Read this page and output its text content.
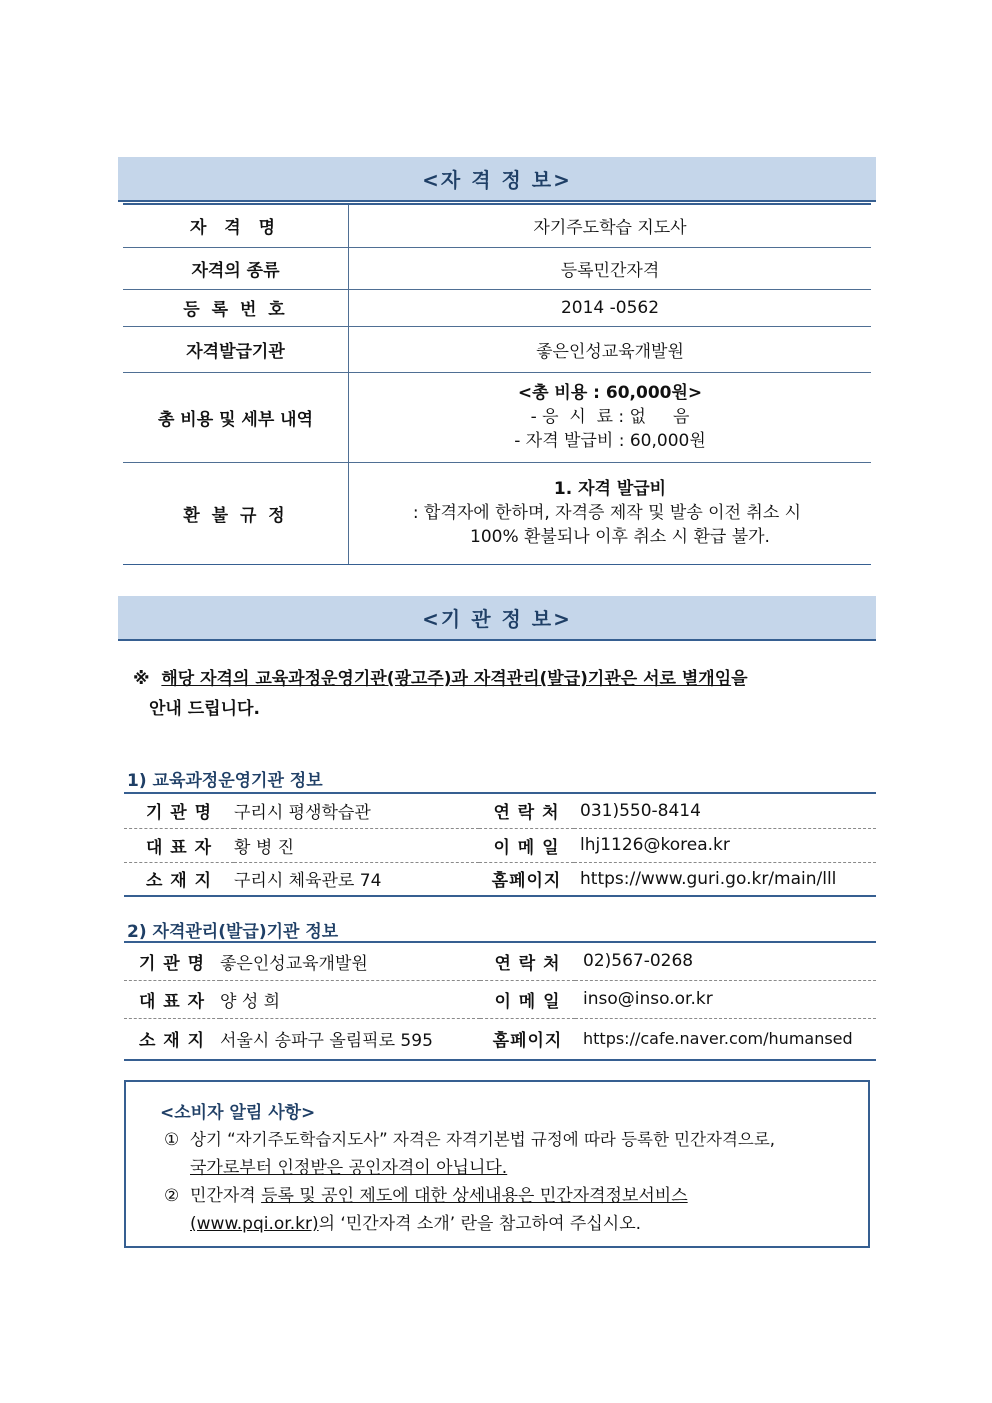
<자 격 정 보>
자 격 명	자기주도학습 지도사
자격의 종류	등록민간자격
등 록 번 호	2014 -0562
자격발급기관	좋은인성교육개발원
총 비용 및 세부 내역	<총 비용 : 60,000원>
- 응  시  료 : 없     음
- 자격 발급비 : 60,000원

환 불 규 정	1. 자격 발급비
: 합격자에 한하며, 자격증 제작 및 발송 이전 취소 시
100% 환불되나 이후 취소 시 환급 불가.
<기 관 정 보>
※ 해당 자격의 교육과정운영기관(광고주)과 자격관리(발급)기관은 서로 별개임을
안내 드립니다.
1) 교육과정운영기관 정보
기 관 명	구리시 평생학습관	연 락 처	031)550-8414
대 표 자	황 병 진	이 메 일	lhj1126@korea.kr
소 재 지	구리시 체육관로 74	홈페이지	https://www.guri.go.kr/main/lll
2) 자격관리(발급)기관 정보
기 관 명	좋은인성교육개발원	연 락 처	02)567-0268
대 표 자	양 성 희	이 메 일	inso@inso.or.kr
소 재 지	서울시 송파구 올림픽로 595	홈페이지	https://cafe.naver.com/humansed
<소비자 알림 사항>
① 상기 “자기주도학습지도사” 자격은 자격기본법 규정에 따라 등록한 민간자격으로,
국가로부터 인정받은 공인자격이 아닙니다.
② 민간자격 등록 및 공인 제도에 대한 상세내용은 민간자격정보서비스
(www.pqi.or.kr)의 ‘민간자격 소개’ 란을 참고하여 주십시오.
